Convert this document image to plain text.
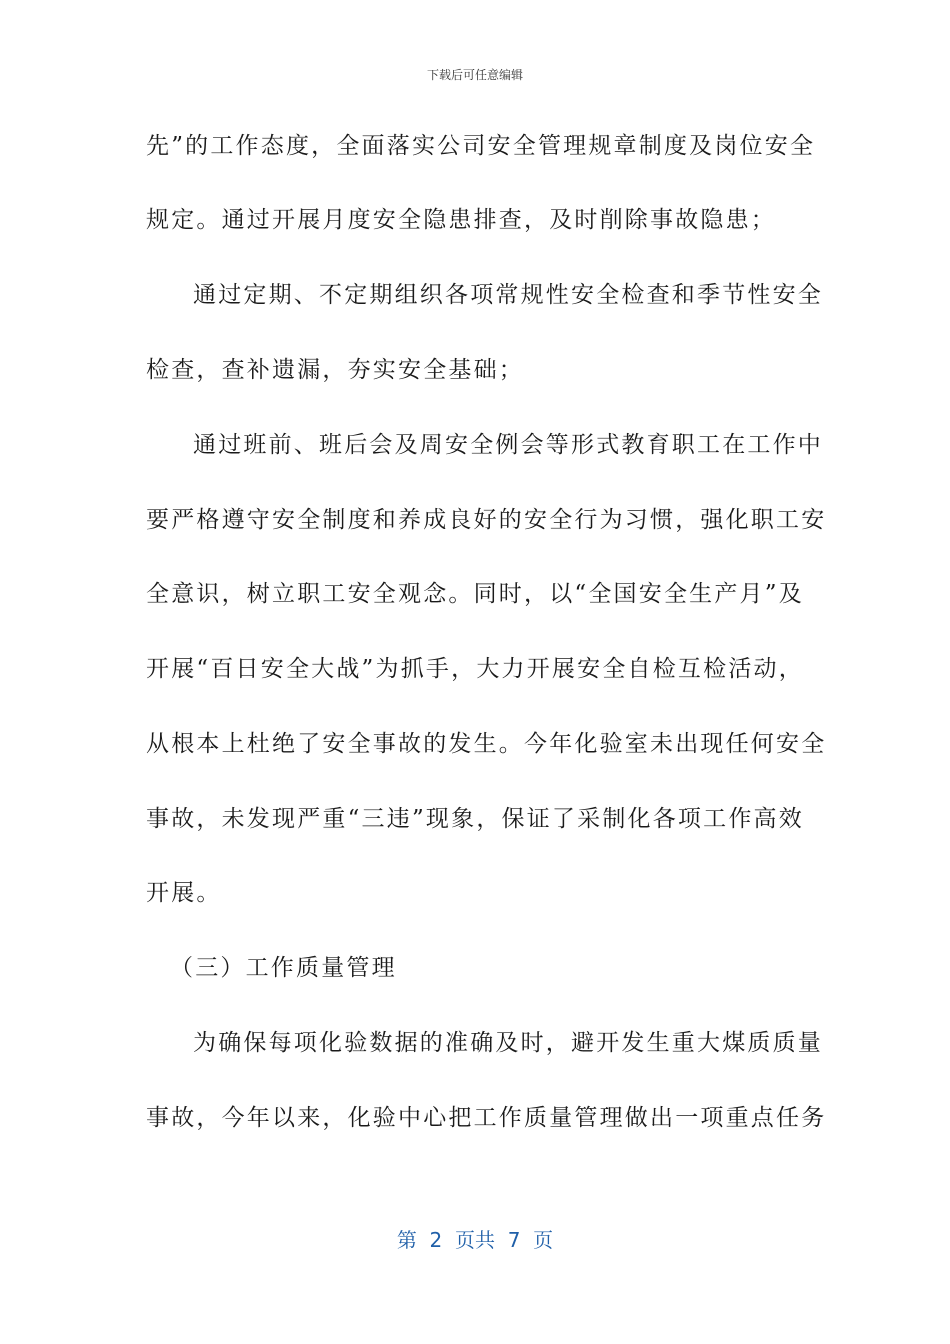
下载后可任意编辑
先”的工作态度，全面落实公司安全管理规章制度及岗位安全
规定。通过开展月度安全隐患排查，及时削除事故隐患；
通过定期、不定期组织各项常规性安全检查和季节性安全
检查，查补遗漏，夯实安全基础；
通过班前、班后会及周安全例会等形式教育职工在工作中
要严格遵守安全制度和养成良好的安全行为习惯，强化职工安
全意识，树立职工安全观念。同时，以“全国安全生产月”及
开展“百日安全大战”为抓手，大力开展安全自检互检活动，
从根本上杜绝了安全事故的发生。今年化验室未出现任何安全
事故，未发现严重“三违”现象，保证了采制化各项工作高效
开展。
（三）工作质量管理
为确保每项化验数据的准确及时，避开发生重大煤质质量
事故，今年以来，化验中心把工作质量管理做出一项重点任务
第  2  页共  7  页
